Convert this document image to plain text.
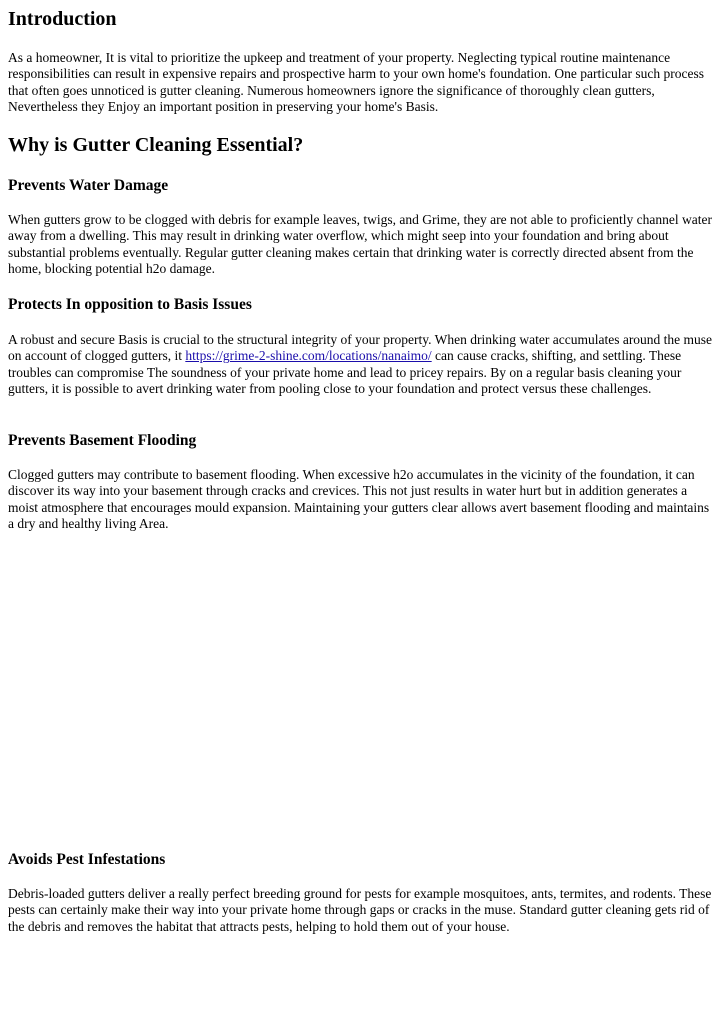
Introduction

As a homeowner, It is vital to prioritize the upkeep and treatment of your property. Neglecting typical routine maintenance responsibilities can result in expensive repairs and prospective harm to your own home's foundation. One particular such process that often goes unnoticed is gutter cleaning. Numerous homeowners ignore the significance of thoroughly clean gutters, Nevertheless they Enjoy an important position in preserving your home's Basis.

Why is Gutter Cleaning Essential?
Prevents Water Damage

When gutters grow to be clogged with debris for example leaves, twigs, and Grime, they are not able to proficiently channel water away from a dwelling. This may result in drinking water overflow, which might seep into your foundation and bring about substantial problems eventually. Regular gutter cleaning makes certain that drinking water is correctly directed absent from the home, blocking potential h2o damage.

Protects In opposition to Basis Issues

A robust and secure Basis is crucial to the structural integrity of your property. When drinking water accumulates around the muse on account of clogged gutters, it https://grime-2-shine.com/locations/nanaimo/ can cause cracks, shifting, and settling. These troubles can compromise The soundness of your private home and lead to pricey repairs. By on a regular basis cleaning your gutters, it is possible to avert drinking water from pooling close to your foundation and protect versus these challenges.

Prevents Basement Flooding

Clogged gutters may contribute to basement flooding. When excessive h2o accumulates in the vicinity of the foundation, it can discover its way into your basement through cracks and crevices. This not just results in water hurt but in addition generates a moist atmosphere that encourages mould expansion. Maintaining your gutters clear allows avert basement flooding and maintains a dry and healthy living Area.

Avoids Pest Infestations

Debris-loaded gutters deliver a really perfect breeding ground for pests for example mosquitoes, ants, termites, and rodents. These pests can certainly make their way into your private home through gaps or cracks in the muse. Standard gutter cleaning gets rid of the debris and removes the habitat that attracts pests, helping to hold them out of your house.
